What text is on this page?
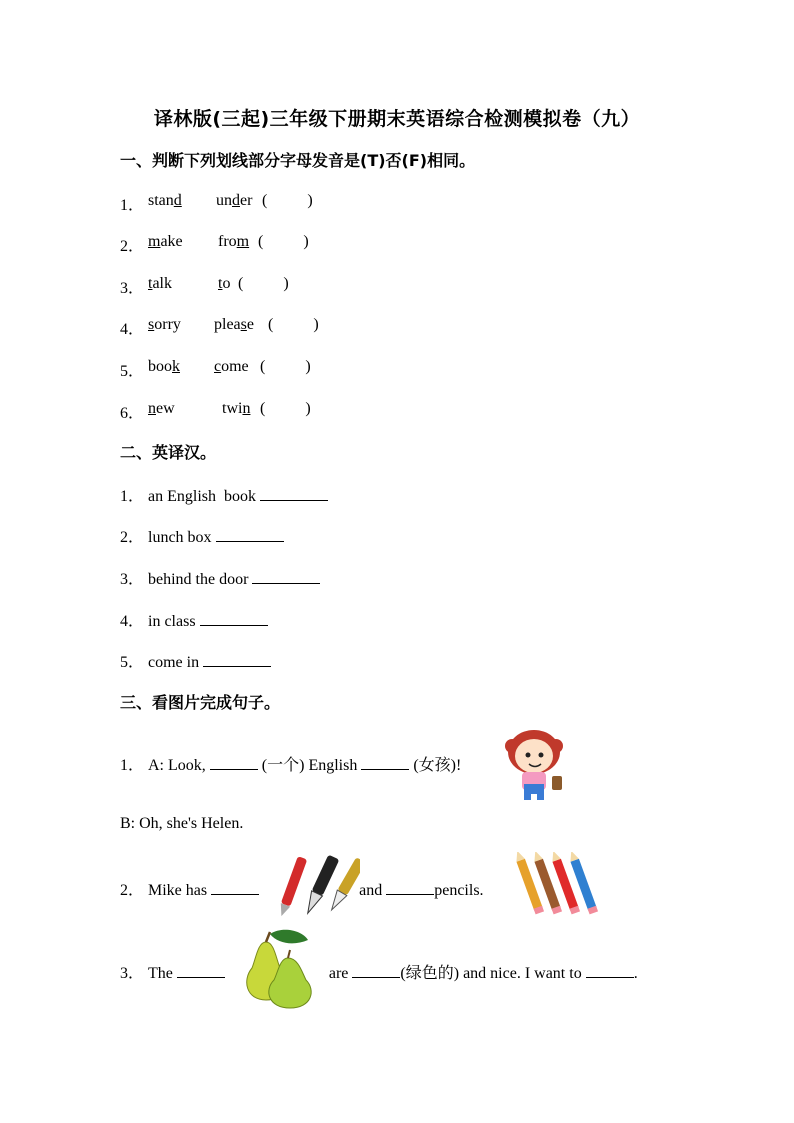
译林版(三起)三年级下册期末英语综合检测模拟卷（九）
一、判断下列划线部分字母发音是(T)否(F)相同。
1． stand under (          )
2． make from (          )
3． talk	to (          )
4． sorry please (          )
5． book come (          )
6． new	twin (          )
二、英译汉。
1． an English  book
2． lunch box
3． behind the door
4． in class
5． come in
三、看图片完成句子。
1． A: Look,	(一个) English	(女孩)!
B: Oh, she's Helen.
2． Mike has	and	pencils.
3． The	are	(绿色的) and nice. I want to	.
